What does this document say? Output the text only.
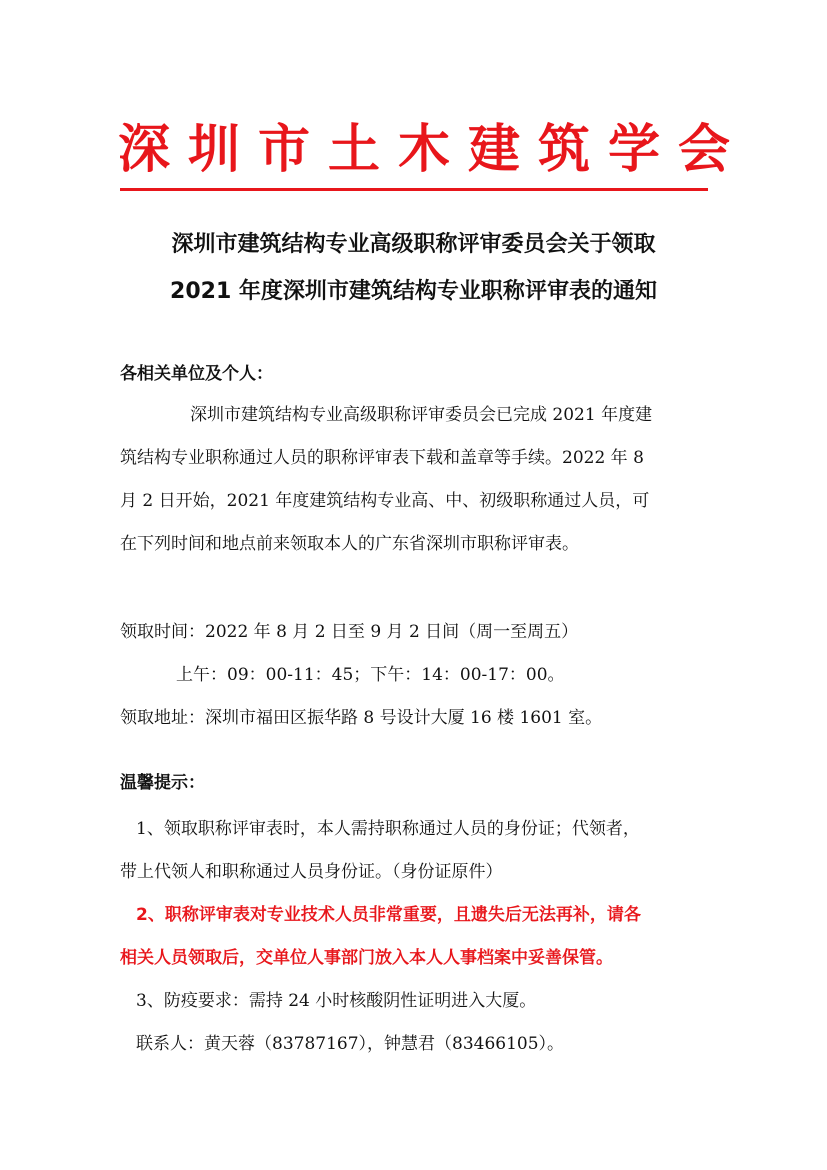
深圳市土木建筑学会
深圳市建筑结构专业高级职称评审委员会关于领取
2021 年度深圳市建筑结构专业职称评审表的通知
各相关单位及个人：
深圳市建筑结构专业高级职称评审委员会已完成 2021 年度建
筑结构专业职称通过人员的职称评审表下载和盖章等手续。2022 年 8
月 2 日开始，2021 年度建筑结构专业高、中、初级职称通过人员，可
在下列时间和地点前来领取本人的广东省深圳市职称评审表。
领取时间：2022 年 8 月 2 日至 9 月 2 日间（周一至周五）
上午：09：00-11：45；下午：14：00-17：00。
领取地址：深圳市福田区振华路 8 号设计大厦 16 楼 1601 室。
温馨提示：
1、领取职称评审表时，本人需持职称通过人员的身份证；代领者，
带上代领人和职称通过人员身份证。（身份证原件）
2、职称评审表对专业技术人员非常重要，且遗失后无法再补，请各
相关人员领取后，交单位人事部门放入本人人事档案中妥善保管。
3、防疫要求：需持 24 小时核酸阴性证明进入大厦。
联系人：黄天蓉（83787167），钟慧君（83466105）。
